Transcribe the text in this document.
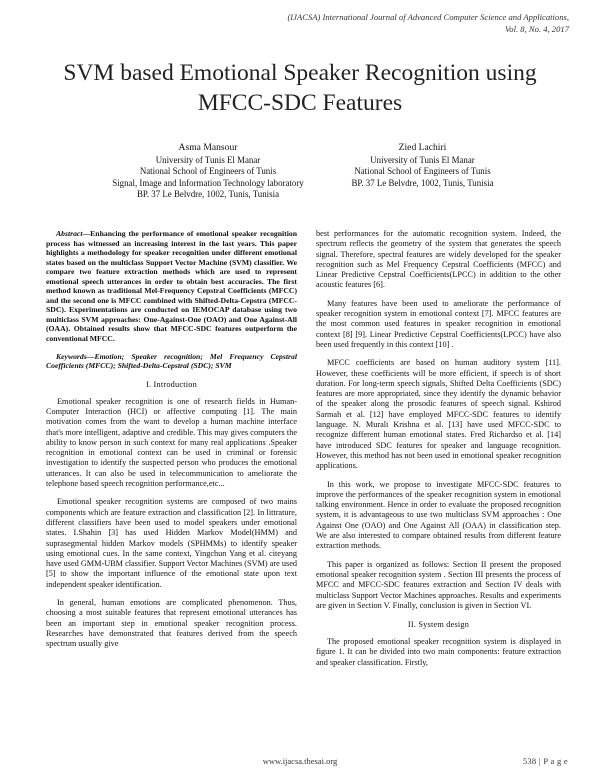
(IJACSA) International Journal of Advanced Computer Science and Applications,
Vol. 8, No. 4, 2017
SVM based Emotional Speaker Recognition using
MFCC-SDC Features
Asma Mansour
University of Tunis El Manar
National School of Engineers of Tunis
Signal, Image and Information Technology laboratory
BP. 37 Le Belvdre, 1002, Tunis, Tunisia
Zied Lachiri
University of Tunis El Manar
National School of Engineers of Tunis
BP. 37 Le Belvdre, 1002, Tunis, Tunisia

Abstract—Enhancing the performance of emotional speaker recognition process has witnessed an increasing interest in the last years. This paper highlights a methodology for speaker recognition under different emotional states based on the multiclass Support Vector Machine (SVM) classifier. We compare two feature extraction methods which are used to represent emotional speech utterances in order to obtain best accuracies. The first method known as traditional Mel-Frequency Cepstral Coefficients (MFCC) and the second one is MFCC combined with Shifted-Delta-Cepstra (MFCC-SDC). Experimentations are conducted on IEMOCAP database using two multiclass SVM approaches: One-Against-One (OAO) and One Against-All (OAA). Obtained results show that MFCC-SDC features outperform the conventional MFCC.

Keywords—Emotion; Speaker recognition; Mel Frequency Cepstral Coefficients (MFCC); Shifted-Delta-Cepstral (SDC); SVM

I. Introduction

Emotional speaker recognition is one of research fields in Human-Computer Interaction (HCI) or affective computing [1]. The main motivation comes from the want to develop a human machine interface that's more intelligent, adaptive and credible. This may gives computers the ability to know person in such context for many real applications .Speaker recognition in emotional context can be used in criminal or forensic investigation to identify the suspected person who produces the emotional utterances. It can also be used in telecommunication to ameliorate the telephone based speech recognition performance,etc...

Emotional speaker recognition systems are composed of two mains components which are feature extraction and classification [2]. In littrature, different classifiers have been used to model speakers under emotional states. I.Shahin [3] has used Hidden Markov Model(HMM) and suprasegmental hidden Markov models (SPHMMs) to identify speaker using emotional cues. In the same context, Yingchun Yang et al. citeyang have used GMM-UBM classifier. Support Vector Machines (SVM) are used [5] to show the important influence of the emotional state upon text independent speaker identification.

In general, human emotions are complicated phenomenon. Thus, choosing a most suitable features that represent emotional utterances has been an important step in emotional speaker recognition process. Researches have demonstrated that features derived from the speech spectrum usually give

best performances for the automatic recognition system. Indeed, the spectrum reflects the geometry of the system that generates the speech signal. Therefore, spectral features are widely developed for the speaker recognition such as Mel Frequency Cepstral Coefficients (MFCC) and Linear Predictive Cepstral Coefficients(LPCC) in addition to the other acoustic features [6].

Many features have been used to ameliorate the performance of speaker recognition system in emotional context [7]. MFCC features are the most common used features in speaker recognition in emotional context [8] [9]. Linear Predictive Cepstral Coefficients(LPCC) have also been used frequently in this context [10] .

MFCC coefficients are based on human auditory system [11]. However, these coefficients will be more efficient, if speech is of short duration. For long-term speech signals, Shifted Delta Coefficients (SDC) features are more appropriated, since they identify the dynamic behavior of the speaker along the prosodic features of speech signal. Kshirod Sarmah et al. [12] have employed MFCC-SDC features to identify language. N. Murali Krishna et al. [13] have used MFCC-SDC to recognize different human emotional states. Fred Richardso et al. [14] have introduced SDC features for speaker and language recognition. However, this method has not been used in emotional speaker recognition applications.

In this work, we propose to investigate MFCC-SDC features to improve the performances of the speaker recognition system in emotional talking environment. Hence in order to evaluate the proposed recognition system, it is advantageous to use two multiclass SVM approaches : One Against One (OAO) and One Against All (OAA) in classification step. We are also interested to compare obtained results from different feature extraction methods.

This paper is organized as follows: Section II present the proposed emotional speaker recognition system . Section III presents the process of MFCC and MFCC-SDC features extraction and Section IV deals with multiclass Support Vector Machines approaches. Results and experiments are given in Section V. Finally, conclusion is given in Section VI.

II. System design

The proposed emotional speaker recognition system is displayed in figure 1. It can be divided into two main components: feature extraction and speaker classification. Firstly,

www.ijacsa.thesai.org	538 | P a g e
